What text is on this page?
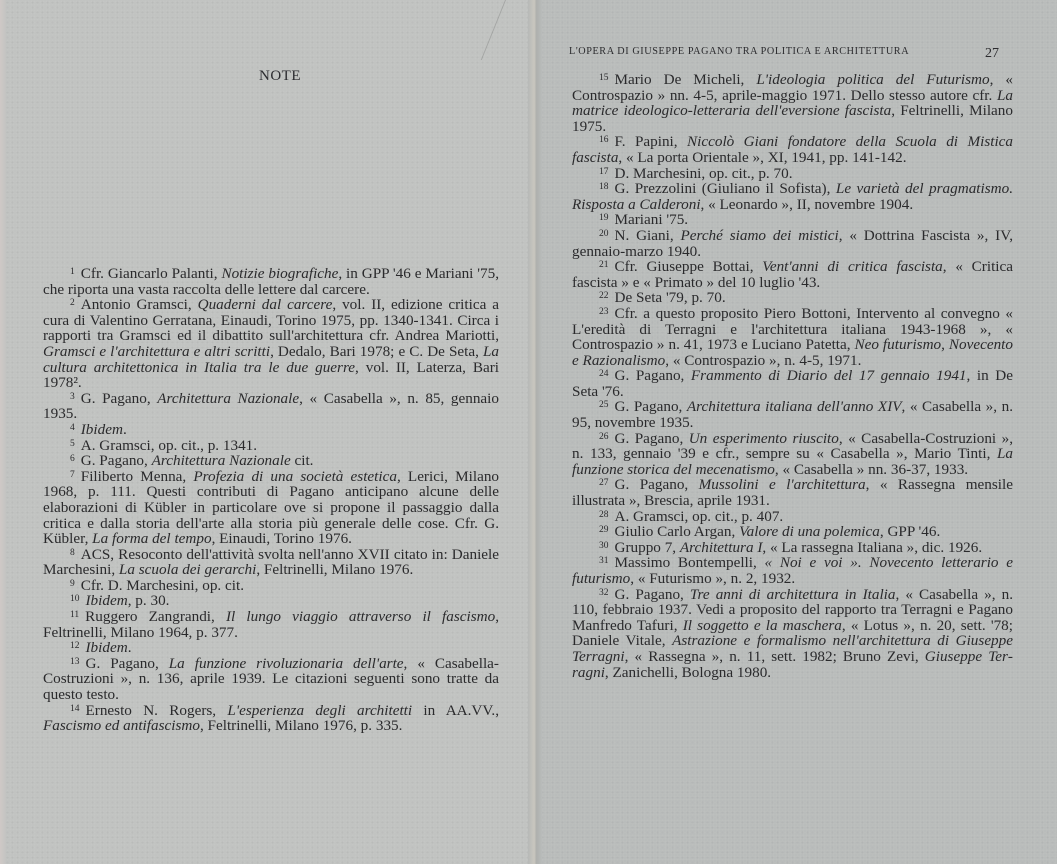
NOTE

$^1$ Cfr. Giancarlo Palanti, Notizie biografiche, in GPP '46 e Mariani '75, che riporta una vasta raccolta delle lettere dal carcere.

$^2$ Antonio Gramsci, Quaderni dal carcere, vol. II, edizione critica a cura di Valentino Gerratana, Einaudi, Torino 1975, pp. 1340-1341. Circa i rapporti tra Gramsci ed il dibattito sull'architettura cfr. Andrea Mariotti, Gramsci e l'architettura e altri scritti, Dedalo, Bari 1978; e C. De Seta, La cultura architettonica in Italia tra le due guerre, vol. II, Laterza, Bari 1978².

$^3$ G. Pagano, Architettura Nazionale, « Casabella », n. 85, gennaio 1935.

$^4$ Ibidem.

$^5$ A. Gramsci, op. cit., p. 1341.

$^6$ G. Pagano, Architettura Nazionale cit.

$^7$ Filiberto Menna, Profezia di una società estetica, Lerici, Milano 1968, p. 111. Questi contributi di Pagano anticipano alcune delle elaborazioni di Kübler in particolare ove si propone il passaggio dalla critica e dalla storia dell'arte alla storia più generale delle cose. Cfr. G. Kübler, La forma del tempo, Einaudi, Torino 1976.

$^8$ ACS, Resoconto dell'attività svolta nell'anno XVII citato in: Daniele Marchesini, La scuola dei gerarchi, Feltrinelli, Milano 1976.

$^9$ Cfr. D. Marchesini, op. cit.

$^{10}$ Ibidem, p. 30.

$^{11}$ Ruggero Zangrandi, Il lungo viaggio attraverso il fascismo, Feltrinelli, Milano 1964, p. 377.

$^{12}$ Ibidem.

$^{13}$ G. Pagano, La funzione rivoluzionaria dell'arte, « Casabella-Costruzioni », n. 136, aprile 1939. Le citazioni seguenti sono tratte da questo testo.

$^{14}$ Ernesto N. Rogers, L'esperienza degli architetti in AA.VV., Fascismo ed antifascismo, Feltrinelli, Milano 1976, p. 335.

L'OPERA DI GIUSEPPE PAGANO TRA POLITICA E ARCHITETTURA	27

$^{15}$ Mario De Micheli, L'ideologia politica del Futurismo, « Controspazio » nn. 4-5, aprile-maggio 1971. Dello stesso autore cfr. La matrice ideologico-letteraria dell'eversione fascista, Feltrinelli, Milano 1975.

$^{16}$ F. Papini, Niccolò Giani fondatore della Scuola di Mistica fascista, « La porta Orientale », XI, 1941, pp. 141-142.

$^{17}$ D. Marchesini, op. cit., p. 70.

$^{18}$ G. Prezzolini (Giuliano il Sofista), Le varietà del pragmatismo. Risposta a Calderoni, « Leonardo », II, novembre 1904.

$^{19}$ Mariani '75.

$^{20}$ N. Giani, Perché siamo dei mistici, « Dottrina Fascista », IV, gennaio-marzo 1940.

$^{21}$ Cfr. Giuseppe Bottai, Vent'anni di critica fascista, « Critica fascista » e « Primato » del 10 luglio '43.

$^{22}$ De Seta '79, p. 70.

$^{23}$ Cfr. a questo proposito Piero Bottoni, Intervento al convegno « L'eredità di Terragni e l'architettura italiana 1943-1968 », « Controspazio » n. 41, 1973 e Luciano Patetta, Neo futurismo, Novecento e Razionalismo, « Controspazio », n. 4-5, 1971.

$^{24}$ G. Pagano, Frammento di Diario del 17 gennaio 1941, in De Seta '76.

$^{25}$ G. Pagano, Architettura italiana dell'anno XIV, « Casabella », n. 95, novembre 1935.

$^{26}$ G. Pagano, Un esperimento riuscito, « Casabella-Costruzioni », n. 133, gennaio '39 e cfr., sempre su « Casabella », Mario Tinti, La funzione storica del mecenatismo, « Casabella » nn. 36-37, 1933.

$^{27}$ G. Pagano, Mussolini e l'architettura, « Rassegna mensile illustrata », Brescia, aprile 1931.

$^{28}$ A. Gramsci, op. cit., p. 407.

$^{29}$ Giulio Carlo Argan, Valore di una polemica, GPP '46.

$^{30}$ Gruppo 7, Architettura I, « La rassegna Italiana », dic. 1926.

$^{31}$ Massimo Bontempelli, « Noi e voi ». Novecento letterario e futurismo, « Futurismo », n. 2, 1932.

$^{32}$ G. Pagano, Tre anni di architettura in Italia, « Casabella », n. 110, febbraio 1937. Vedi a proposito del rapporto tra Terragni e Pagano Manfredo Tafuri, Il soggetto e la maschera, « Lotus », n. 20, sett. '78; Daniele Vitale, Astrazione e formalismo nell'architettura di Giuseppe Terragni, « Rassegna », n. 11, sett. 1982; Bruno Zevi, Giuseppe Terragni, Zanichelli, Bologna 1980.
